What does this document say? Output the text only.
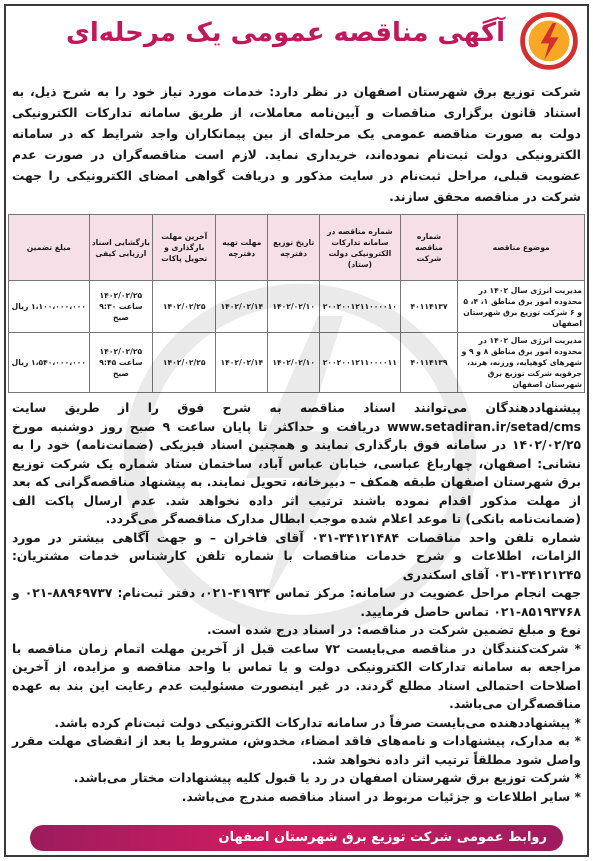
آگهی مناقصه عمومی یک مرحله‌ای

شرکت توزیع برق شهرستان اصفهان در نظر دارد: خدمات مورد نیاز خود را به شرح ذیل، به استناد قانون برگزاری مناقصات و آیین‌نامه معاملات، از طریق سامانه تدارکات الکترونیکی دولت به صورت مناقصه عمومی یک مرحله‌ای از بین پیمانکاران واجد شرایط که در سامانه الکترونیکی دولت ثبت‌نام نموده‌اند، خریداری نماید. لازم است مناقصه‌گران در صورت عدم عضویت قبلی، مراحل ثبت‌نام در سایت مذکور و دریافت گواهی امضای الکترونیکی را جهت شرکت در مناقصه محقق سازند.

موضوع مناقصه	شماره مناقصه شرکت	شماره مناقصه در سامانه تدارکات الکترونیکی دولت (ستاد)	تاریخ توزیع دفترچه	مهلت تهیه دفترچه	آخرین مهلت بارگذاری و تحویل پاکات	بازگشایی اسناد ارزیابی کیفی	مبلغ تضمین
مدیریت انرژی سال ۱۴۰۲ در محدوده امور برق مناطق ۱، ۴، ۵ و ۶ شرکت توزیع برق شهرستان اصفهان	۴۰۱۱۴۱۳۷	۲۰۰۲۰۰۱۲۱۱۰۰۰۰۱۰	۱۴۰۲/۰۲/۱۰	۱۴۰۲/۰۲/۱۴	۱۴۰۲/۰۲/۲۵	۱۴۰۲/۰۲/۲۵ ساعت ۹:۳۰ صبح	۱،۱۰۰،۰۰۰،۰۰۰ ریال
مدیریت انرژی سال ۱۴۰۲ در محدوده امور برق مناطق ۸ و ۹ و شهرهای کوهپایه، ورزنه، هرند، جرقویه شرکت توزیع برق شهرستان اصفهان	۴۰۱۱۴۱۳۹	۲۰۰۲۰۰۱۲۱۱۰۰۰۰۱۱	۱۴۰۲/۰۲/۱۰	۱۴۰۲/۰۲/۱۴	۱۴۰۲/۰۲/۲۵	۱۴۰۲/۰۲/۲۵ ساعت ۹:۴۵ صبح	۱،۵۴۰،۰۰۰،۰۰۰ ریال

پیشنهاددهندگان می‌توانند اسناد مناقصه به شرح فوق را از طریق سایت www.setadiran.ir/setad/cms دریافت و حداکثر تا پایان ساعت ۹ صبح روز دوشنبه مورخ ۱۴۰۲/۰۲/۲۵ در سامانه فوق بارگذاری نمایند و همچنین اسناد فیزیکی (ضمانت‌نامه) خود را به نشانی: اصفهان، چهارباغ عباسی، خیابان عباس آباد، ساختمان ستاد شماره یک شرکت توزیع برق شهرستان اصفهان طبقه همکف – دبیرخانه، تحویل نمایند. به پیشنهاد مناقصه‌گرانی که بعد از مهلت مذکور اقدام نموده باشند ترتیب اثر داده نخواهد شد. عدم ارسال پاکت الف (ضمانت‌نامه بانکی) تا موعد اعلام شده موجب ابطال مدارک مناقصه‌گر می‌گردد.

شماره تلفن واحد مناقصات ۳۴۱۲۱۴۸۴-۰۳۱ آقای فاخران – و جهت آگاهی بیشتر در مورد الزامات، اطلاعات و شرح خدمات مناقصات با شماره تلفن کارشناس خدمات مشتریان: ۳۴۱۲۱۲۴۵-۰۳۱ آقای اسکندری

جهت انجام مراحل عضویت در سامانه: مرکز تماس ۴۱۹۳۴-۰۲۱، دفتر ثبت‌نام: ۸۸۹۶۹۷۳۷-۰۲۱ و ۸۵۱۹۳۷۶۸-۰۲۱ تماس حاصل فرمایید.

نوع و مبلغ تضمین شرکت در مناقصه: در اسناد درج شده است.

* شرکت‌کنندگان در مناقصه می‌بایست ۷۲ ساعت قبل از آخرین مهلت اتمام زمان مناقصه با مراجعه به سامانه تدارکات الکترونیکی دولت و یا تماس با واحد مناقصه و مزایده، از آخرین اصلاحات احتمالی اسناد مطلع گردند. در غیر اینصورت مسئولیت عدم رعایت این بند به عهده مناقصه‌گران می‌باشد.

* پیشنهاددهنده می‌بایست صرفاً در سامانه تدارکات الکترونیکی دولت ثبت‌نام کرده باشد.

* به مدارک، پیشنهادات و نامه‌های فاقد امضاء، مخدوش، مشروط یا بعد از انقضای مهلت مقرر واصل شود مطلقاً ترتیب اثر داده نخواهد شد.

* شرکت توزیع برق شهرستان اصفهان در رد یا قبول کلیه پیشنهادات مختار می‌باشد.

* سایر اطلاعات و جزئیات مربوط در اسناد مناقصه مندرج می‌باشد.

روابط عمومی شرکت توزیع برق شهرستان اصفهان
